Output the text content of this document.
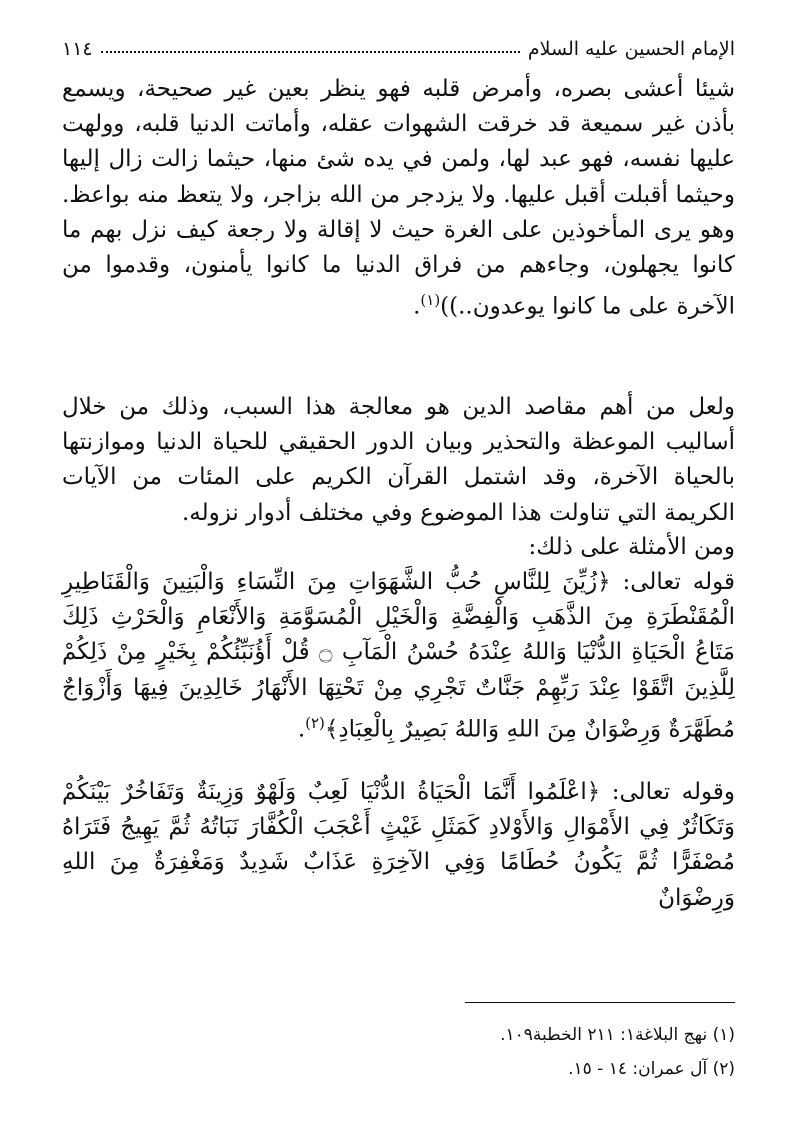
الإمام الحسين عليه السلام
١١٤

شيئا أعشى بصره، وأمرض قلبه فهو ينظر بعين غير صحيحة، ويسمع بأذن غير سميعة قد خرقت الشهوات عقله، وأماتت الدنيا قلبه، وولهت عليها نفسه، فهو عبد لها، ولمن في يده شئ منها، حيثما زالت زال إليها وحيثما أقبلت أقبل عليها. ولا يزدجر من الله بزاجر، ولا يتعظ منه بواعظ. وهو يرى المأخوذين على الغرة حيث لا إقالة ولا رجعة كيف نزل بهم ما كانوا يجهلون، وجاءهم من فراق الدنيا ما كانوا يأمنون، وقدموا من الآخرة على ما كانوا يوعدون..))$^{(١)}$.

ولعل من أهم مقاصد الدين هو معالجة هذا السبب، وذلك من خلال أساليب الموعظة والتحذير وبيان الدور الحقيقي للحياة الدنيا وموازنتها بالحياة الآخرة، وقد اشتمل القرآن الكريم على المئات من الآيات الكريمة التي تناولت هذا الموضوع وفي مختلف أدوار نزوله.

ومن الأمثلة على ذلك:

قوله تعالى: ﴿زُيِّنَ لِلنَّاسِ حُبُّ الشَّهَوَاتِ مِنَ النِّسَاءِ وَالْبَنِينَ وَالْقَنَاطِيرِ الْمُقَنْطَرَةِ مِنَ الذَّهَبِ وَالْفِضَّةِ وَالْخَيْلِ الْمُسَوَّمَةِ وَالأَنْعَامِ وَالْحَرْثِ ذَلِكَ مَتَاعُ الْحَيَاةِ الدُّنْيَا وَاللهُ عِنْدَهُ حُسْنُ الْمَآبِ ۝ قُلْ أَؤُنَبِّئُكُمْ بِخَيْرٍ مِنْ ذَلِكُمْ لِلَّذِينَ اتَّقَوْا عِنْدَ رَبِّهِمْ جَنَّاتٌ تَجْرِي مِنْ تَحْتِهَا الأَنْهَارُ خَالِدِينَ فِيهَا وَأَزْوَاجٌ مُطَهَّرَةٌ وَرِضْوَانٌ مِنَ اللهِ وَاللهُ بَصِيرٌ بِالْعِبَادِ﴾$^{(٢)}$.

وقوله تعالى: ﴿اعْلَمُوا أَنَّمَا الْحَيَاةُ الدُّنْيَا لَعِبٌ وَلَهْوٌ وَزِينَةٌ وَتَفَاخُرٌ بَيْنَكُمْ وَتَكَاثُرٌ فِي الأَمْوَالِ وَالأَوْلادِ كَمَثَلِ غَيْثٍ أَعْجَبَ الْكُفَّارَ نَبَاتُهُ ثُمَّ يَهِيجُ فَتَرَاهُ مُصْفَرًّا ثُمَّ يَكُونُ حُطَامًا وَفِي الآخِرَةِ عَذَابٌ شَدِيدٌ وَمَغْفِرَةٌ مِنَ اللهِ وَرِضْوَانٌ

(١) نهج البلاغة١: ٢١١ الخطبة١٠٩.
(٢) آل عمران: ١٤ - ١٥.
